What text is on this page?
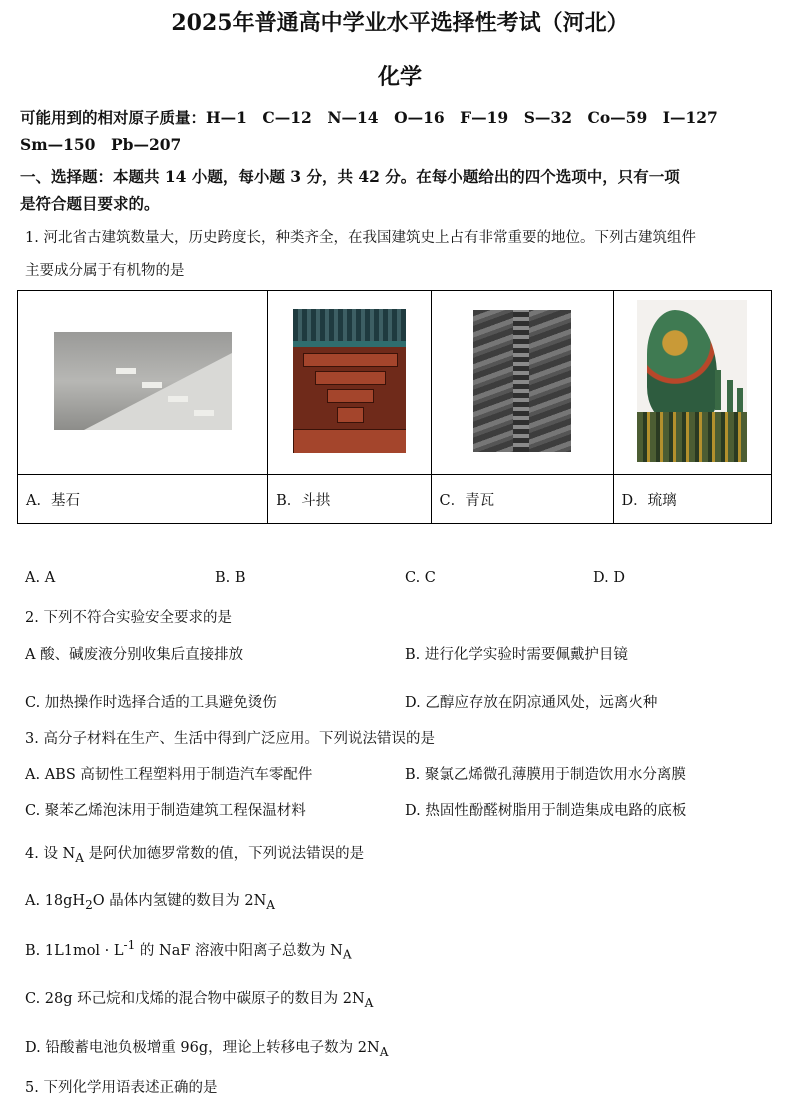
2025年普通高中学业水平选择性考试（河北）
化学
可能用到的相对原子质量：H—1　C—12　N—14　O—16　F—19　S—32　Co—59　I—127
Sm—150　Pb—207
一、选择题：本题共 14 小题，每小题 3 分，共 42 分。在每小题给出的四个选项中，只有一项
是符合题目要求的。
1. 河北省古建筑数量大，历史跨度长，种类齐全，在我国建筑史上占有非常重要的地位。下列古建筑组件
主要成分属于有机物的是

A．基石	B．斗拱	C．青瓦	D．琉璃
A. A	B. B	C. C	D. D
2. 下列不符合实验安全要求的是
A 酸、碱废液分别收集后直接排放	B. 进行化学实验时需要佩戴护目镜
C. 加热操作时选择合适的工具避免烫伤	D. 乙醇应存放在阴凉通风处，远离火种
3. 高分子材料在生产、生活中得到广泛应用。下列说法错误的是
A. ABS 高韧性工程塑料用于制造汽车零配件	B. 聚氯乙烯微孔薄膜用于制造饮用水分离膜
C. 聚苯乙烯泡沫用于制造建筑工程保温材料	D. 热固性酚醛树脂用于制造集成电路的底板
4. 设 $N_A$ 是阿伏加德罗常数的值，下列说法错误的是
A. $18gH_2O$ 晶体内氢键的数目为 $2N_A$
B. $1L1mol \cdot L^{-1}$ 的 NaF 溶液中阳离子总数为 $N_A$
C. 28g 环己烷和戊烯的混合物中碳原子的数目为 $2N_A$
D. 铅酸蓄电池负极增重 96g，理论上转移电子数为 $2N_A$
5. 下列化学用语表述正确的是
